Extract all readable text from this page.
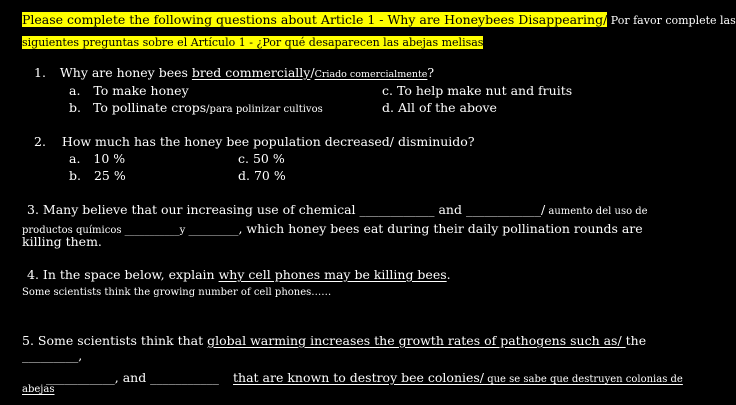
Please complete the following questions about Article 1 - Why are Honeybees Disappearing/ Por favor complete las
siguientes preguntas sobre el Artículo 1 - ¿Por qué desaparecen las abejas melisas
1. Why are honey bees bred commercially/Criado comercialmente?
a. To make honey
b. To pollinate crops/para polinizar cultivos
c. To help make nut and fruits
d. All of the above
2. How much has the honey bee population decreased/ disminuido?
a. 10 %
b. 25 %
c. 50 %
d. 70 %
3. Many believe that our increasing use of chemical ____________ and ____________/ aumento del uso de
productos químicos ___________y __________, which honey bees eat during their daily pollination rounds are
killing them.
4. In the space below, explain why cell phones may be killing bees.
Some scientists think the growing number of cell phones……
5. Some scientists think that global warming increases the growth rates of pathogens such as/ the
_________,
___________, and ___________ that are known to destroy bee colonies/ que se sabe que destruyen colonias de
abejas
